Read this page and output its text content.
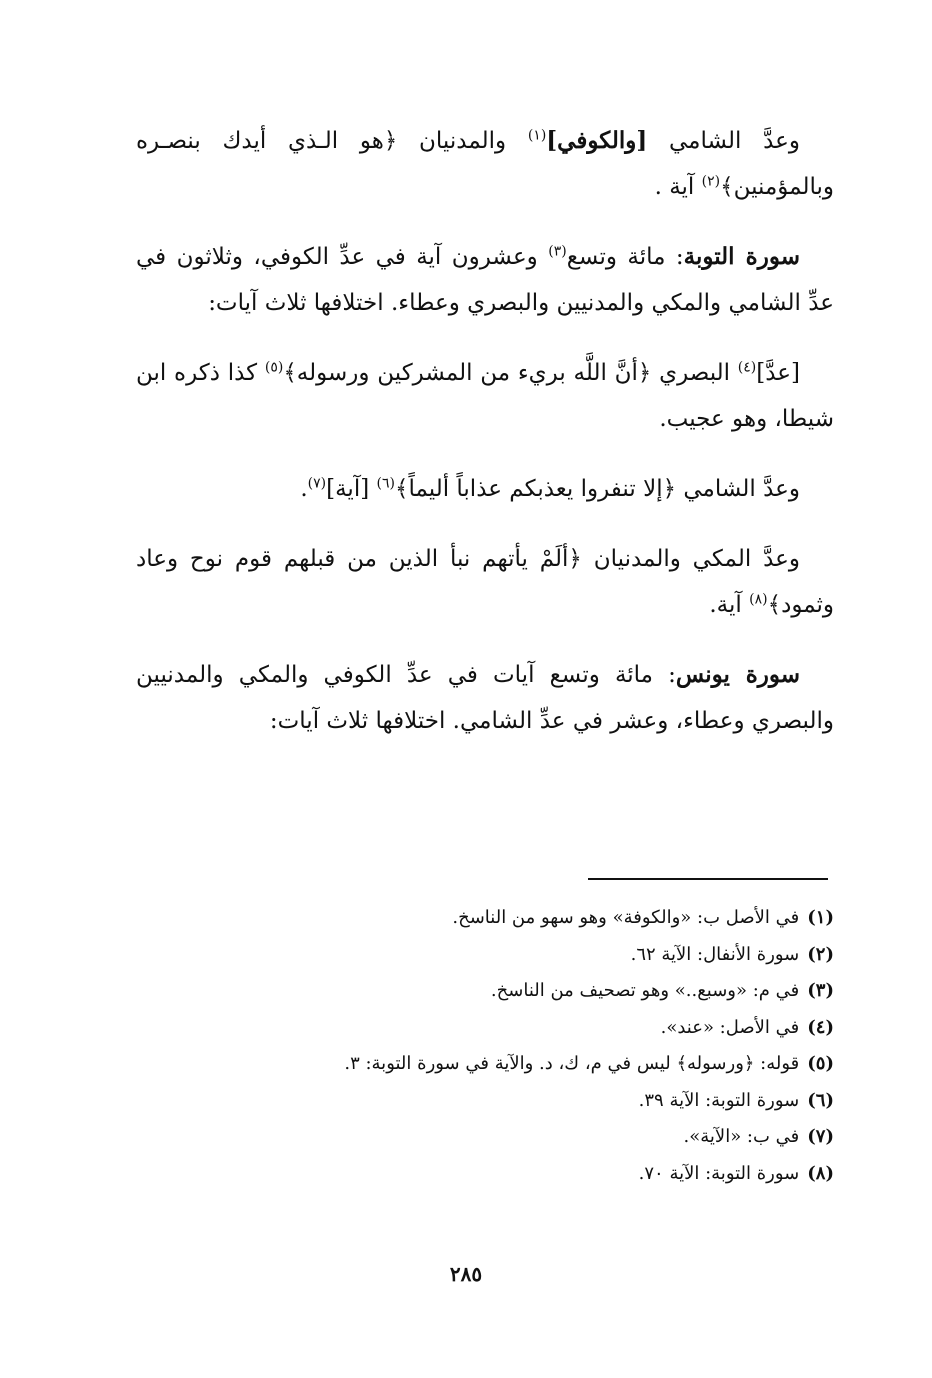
وعدَّ الشامي [والكوفي]$^{(١)}$ والمدنيان ﴿هو الـذي أيدك بنصـره وبالمؤمنين﴾$^{(٢)}$ آية .

سورة التوبة: مائة وتسع$^{(٣)}$ وعشرون آية في عدِّ الكوفي، وثلاثون في عدِّ الشامي والمكي والمدنيين والبصري وعطاء. اختلافها ثلاث آيات:

[عدَّ]$^{(٤)}$ البصري ﴿أنَّ اللَّه بريء من المشركين ورسوله﴾$^{(٥)}$ كذا ذكره ابن شيطا، وهو عجيب.

وعدَّ الشامي ﴿إلا تنفروا يعذبكم عذاباً أليماً﴾$^{(٦)}$ [آية]$^{(٧)}$.

وعدَّ المكي والمدنيان ﴿ألَمْ يأتهم نبأ الذين من قبلهم قوم نوح وعاد وثمود﴾$^{(٨)}$ آية.

سورة يونس: مائة وتسع آيات في عدِّ الكوفي والمكي والمدنيين والبصري وعطاء، وعشر في عدِّ الشامي. اختلافها ثلاث آيات:

(١)في الأصل ب: «والكوفة» وهو سهو من الناسخ.
(٢)سورة الأنفال: الآية ٦٢.
(٣)في م: «وسبع..» وهو تصحيف من الناسخ.
(٤)في الأصل: «عند».
(٥)قوله: ﴿ورسوله﴾ ليس في م، ك، د. والآية في سورة التوبة: ٣.
(٦)سورة التوبة: الآية ٣٩.
(٧)في ب: «الآية».
(٨)سورة التوبة: الآية ٧٠.
٢٨٥
